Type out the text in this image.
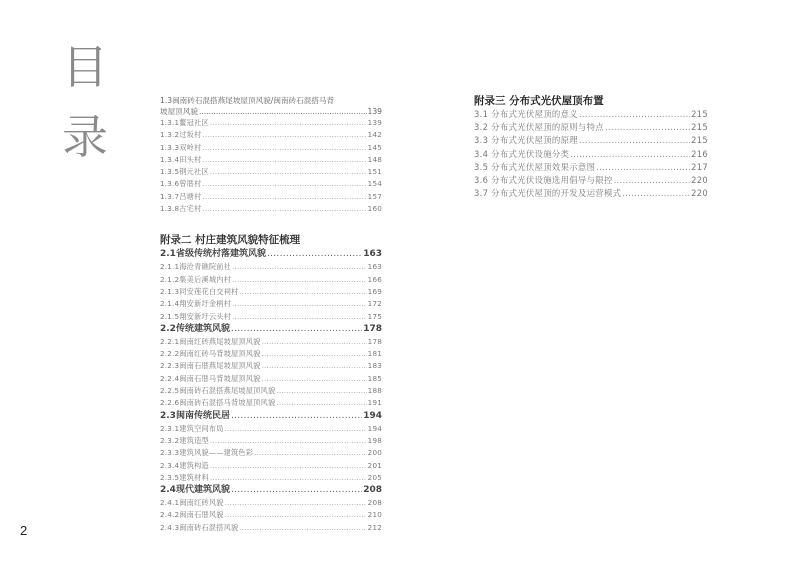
目
录
1.3闽南砖石混搭燕尾坡屋顶风貌/闽南砖石混搭马背
坡屋顶风貌 .....	139
1.3.1鳌冠社区 .....	139
1.3.2过坂村 .....	142
1.3.3双岭村 .....	145
1.3.4田头村 .....	148
1.3.5钢元社区 .....	151
1.3.6曾厝村 .....	154
1.3.7吕塘村 .....	157
1.3.8古宅村 .....	160
附录二 村庄建筑风貌特征梳理
2.1省级传统村落建筑风貌 .....	163
2.1.1海沧青礁院前社 .....	163
2.1.2集美后溪城内村 .....	166
2.1.3同安莲花白交祠村 .....	169
2.1.4翔安新圩金柄村 .....	172
2.1.5翔安新圩云头村 .....	175
2.2传统建筑风貌 .....	178
2.2.1闽南红砖燕尾坡屋顶风貌 .....	178
2.2.2闽南红砖马背坡屋顶风貌 .....	181
2.2.3闽南石厝燕尾坡屋顶风貌 .....	183
2.2.4闽南石厝马背坡屋顶风貌 .....	185
2.2.5闽南砖石混搭燕尾坡屋顶风貌 .....	188
2.2.6闽南砖石混搭马背坡屋顶风貌 .....	191
2.3闽南传统民居 .....	194
2.3.1建筑空间布局 .....	194
2.3.2建筑造型 .....	198
2.3.3建筑风貌——建筑色彩 .....	200
2.3.4建筑构造 .....	201
2.3.5建筑材料 .....	205
2.4现代建筑风貌 .....	208
2.4.1闽南红砖风貌 .....	208
2.4.2闽南石厝风貌 .....	210
2.4.3闽南砖石混搭风貌 .....	212
附录三 分布式光伏屋顶布置
3.1 分布式光伏屋顶的意义 .....	215
3.2 分布式光伏屋顶的原则与特点 .....	215
3.3 分布式光伏屋顶的原理 .....	215
3.4 分布式光伏设施分类 .....	216
3.5 分布式光伏屋顶效果示意图 .....	217
3.6 分布式光伏设施选用倡导与限控 .....	220
3.7 分布式光伏屋顶的开发及运营模式 .....	220
2
